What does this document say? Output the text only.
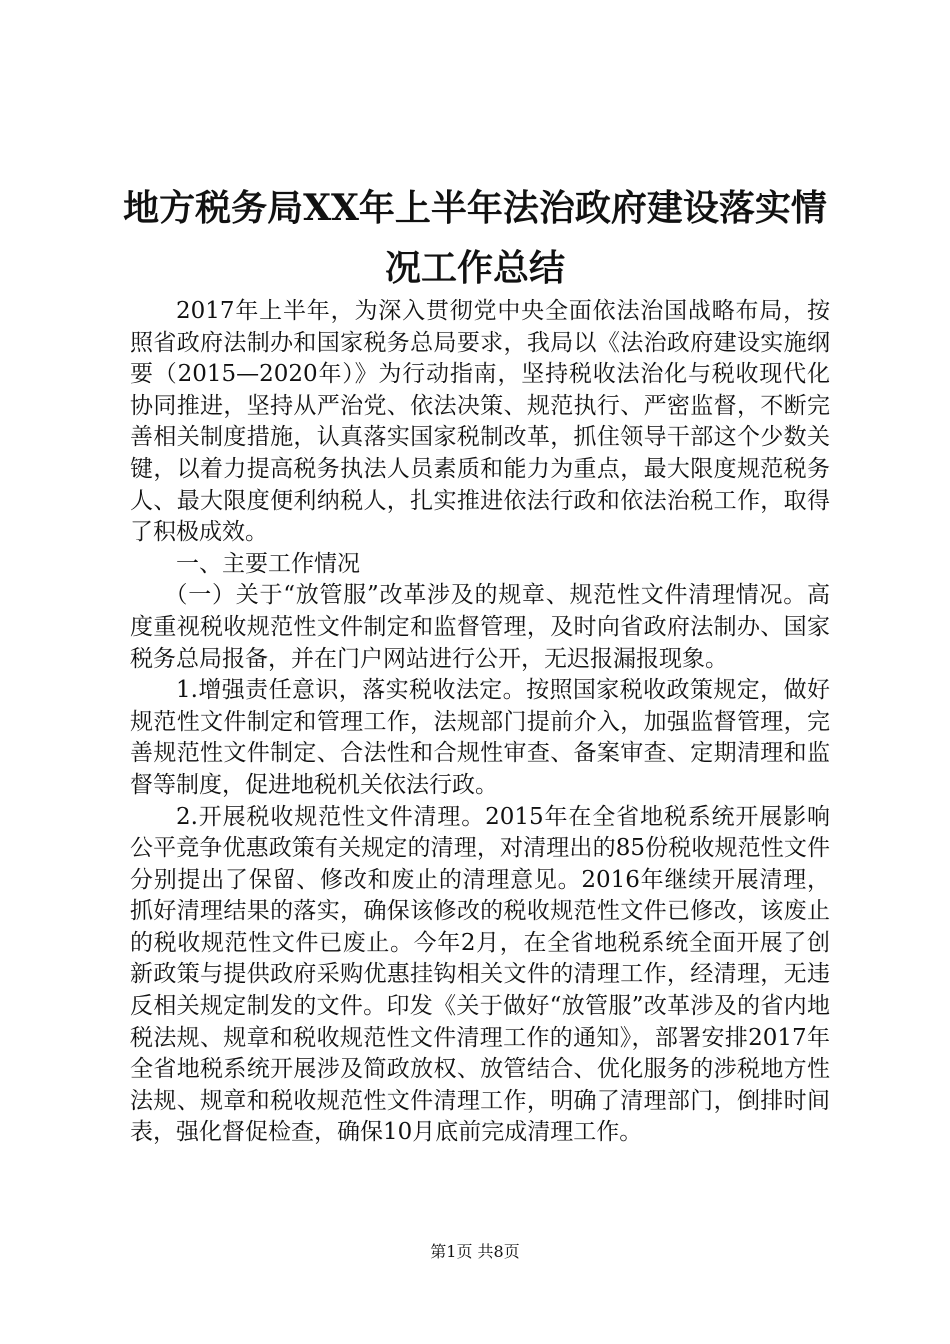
地方税务局XX年上半年法治政府建设落实情
况工作总结

2017年上半年，为深入贯彻党中央全面依法治国战略布局，按照省政府法制办和国家税务总局要求，我局以《法治政府建设实施纲要（2015—2020年）》为行动指南，坚持税收法治化与税收现代化协同推进，坚持从严治党、依法决策、规范执行、严密监督，不断完善相关制度措施，认真落实国家税制改革，抓住领导干部这个少数关键，以着力提高税务执法人员素质和能力为重点，最大限度规范税务人、最大限度便利纳税人，扎实推进依法行政和依法治税工作，取得了积极成效。

一、主要工作情况

（一）关于“放管服”改革涉及的规章、规范性文件清理情况。高度重视税收规范性文件制定和监督管理，及时向省政府法制办、国家税务总局报备，并在门户网站进行公开，无迟报漏报现象。

1.增强责任意识，落实税收法定。按照国家税收政策规定，做好规范性文件制定和管理工作，法规部门提前介入，加强监督管理，完善规范性文件制定、合法性和合规性审查、备案审查、定期清理和监督等制度，促进地税机关依法行政。

2.开展税收规范性文件清理。2015年在全省地税系统开展影响公平竞争优惠政策有关规定的清理，对清理出的85份税收规范性文件分别提出了保留、修改和废止的清理意见。2016年继续开展清理，抓好清理结果的落实，确保该修改的税收规范性文件已修改，该废止的税收规范性文件已废止。今年2月，在全省地税系统全面开展了创新政策与提供政府采购优惠挂钩相关文件的清理工作，经清理，无违反相关规定制发的文件。印发《关于做好“放管服”改革涉及的省内地税法规、规章和税收规范性文件清理工作的通知》，部署安排2017年全省地税系统开展涉及简政放权、放管结合、优化服务的涉税地方性法规、规章和税收规范性文件清理工作，明确了清理部门，倒排时间表，强化督促检查，确保10月底前完成清理工作。

第1页 共8页
